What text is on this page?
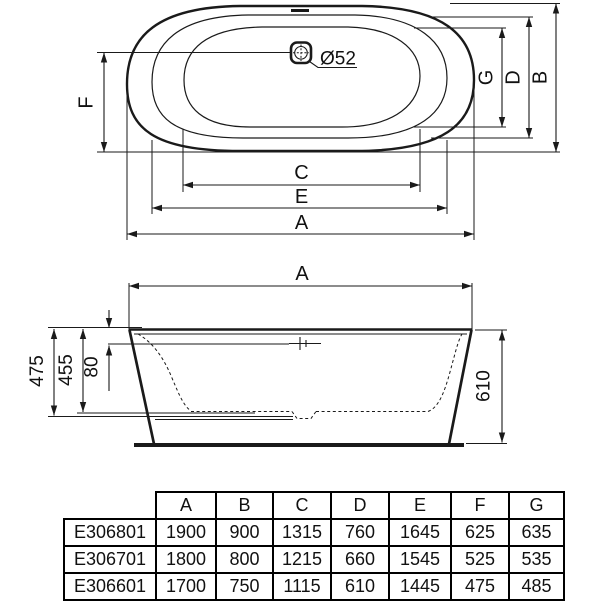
Ø52
F
G D B
C
E
A
A
475 455 80
610
	A	B	C	D	E	F	G
E306801	1900	900	1315	760	1645	625	635
E306701	1800	800	1215	660	1545	525	535
E306601	1700	750	1115	610	1445	475	485
